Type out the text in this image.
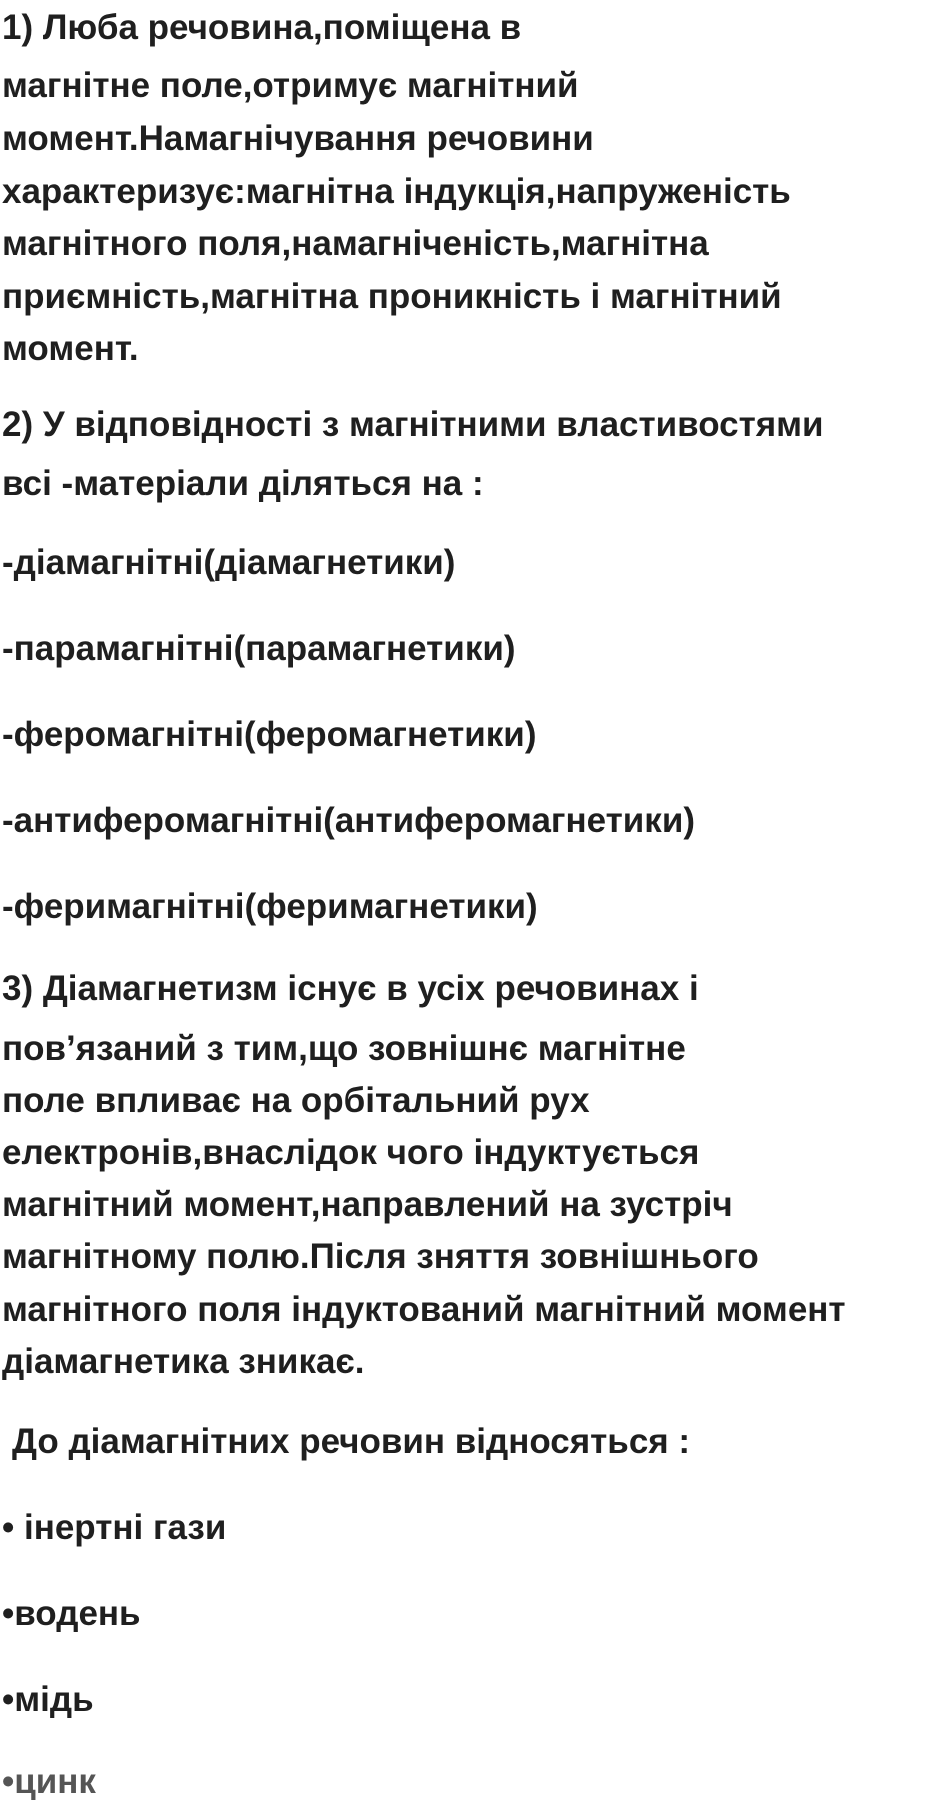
1) Люба речовина,поміщена в

магнітне поле,отримує магнітний

момент.Намагнічування речовини

характеризує:магнітна індукція,напруженість

магнітного поля,намагніченість,магнітна

приємність,магнітна проникність і магнітний

момент.

2) У відповідності з магнітними властивостями

всі -матеріали діляться на :

-діамагнітні(діамагнетики)

-парамагнітні(парамагнетики)

-феромагнітні(феромагнетики)

-антиферомагнітні(антиферомагнетики)

-феримагнітні(феримагнетики)

3) Діамагнетизм існує в усіх речовинах і

пов’язаний з тим,що зовнішнє магнітне

поле впливає на орбітальний рух

електронів,внаслідок чого індуктується

магнітний момент,направлений на зустріч

магнітному полю.Після зняття зовнішнього

магнітного поля індуктований магнітний момент

діамагнетика зникає.

До діамагнітних речовин відносяться :

• інертні гази

•водень

•мідь

•цинк
